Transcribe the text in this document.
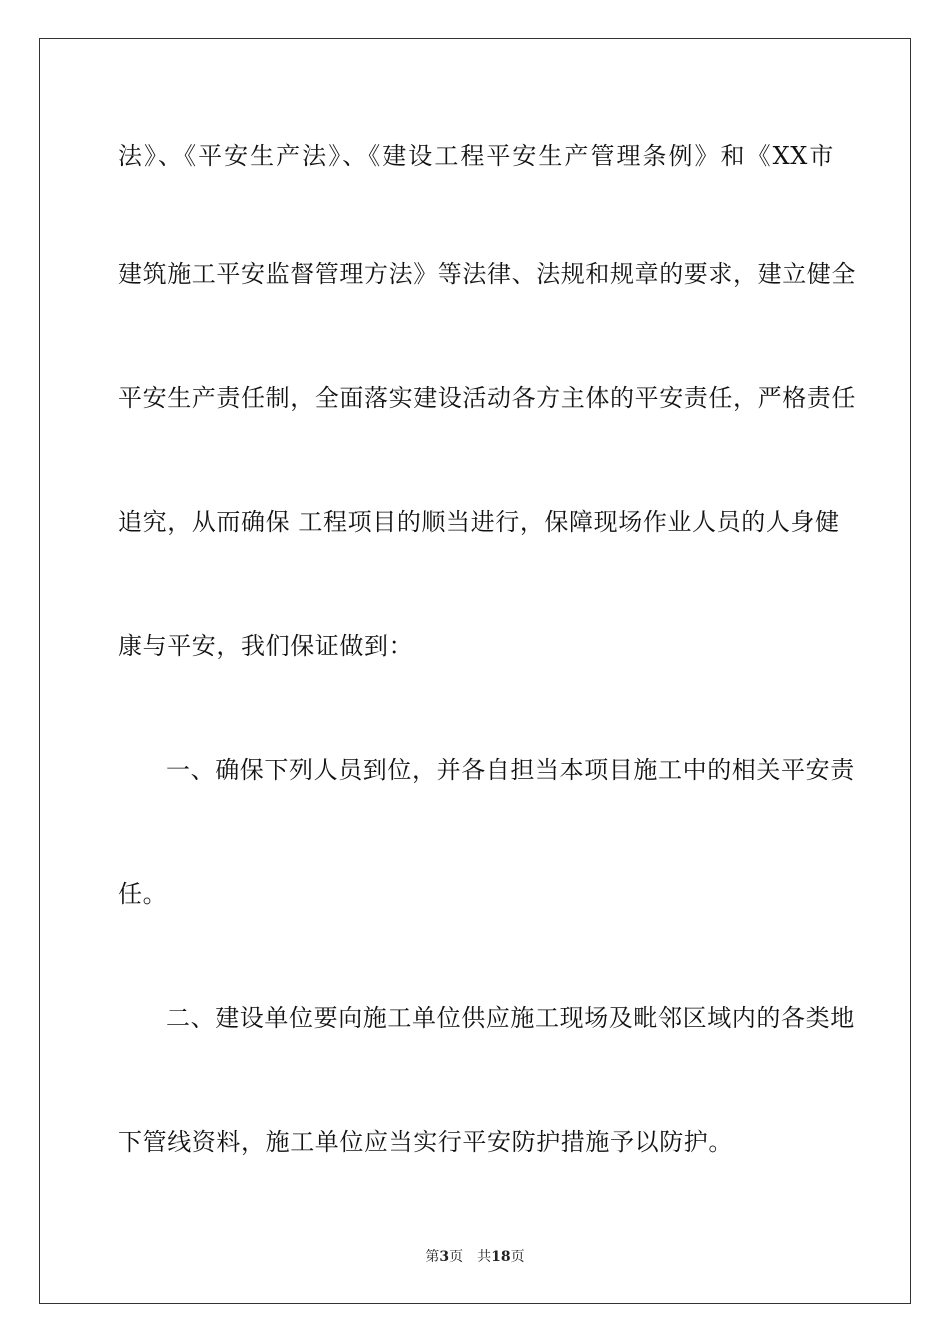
法》、《平安生产法》、《建设工程平安生产管理条例》和《XX市

建筑施工平安监督管理方法》等法律、法规和规章的要求，建立健全

平安生产责任制，全面落实建设活动各方主体的平安责任，严格责任

追究，从而确保 工程项目的顺当进行，保障现场作业人员的人身健

康与平安，我们保证做到：

一、确保下列人员到位，并各自担当本项目施工中的相关平安责

任。

二、建设单位要向施工单位供应施工现场及毗邻区域内的各类地

下管线资料，施工单位应当实行平安防护措施予以防护。

第3页 共18页
